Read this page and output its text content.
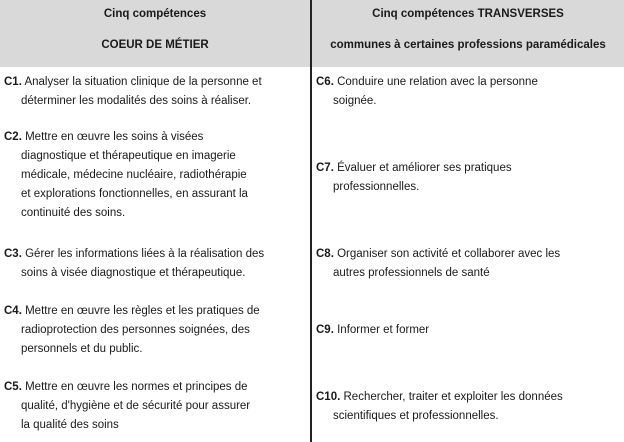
Cinq compétences
COEUR DE MÉTIER
Cinq compétences TRANSVERSES
communes à certaines professions paramédicales
C1. Analyser la situation clinique de la personne et
déterminer les modalités des soins à réaliser.
C2. Mettre en œuvre les soins à visées
diagnostique et thérapeutique en imagerie
médicale, médecine nucléaire, radiothérapie
et explorations fonctionnelles, en assurant la
continuité des soins.
C3. Gérer les informations liées à la réalisation des
soins à visée diagnostique et thérapeutique.
C4. Mettre en œuvre les règles et les pratiques de
radioprotection des personnes soignées, des
personnels et du public.
C5. Mettre en œuvre les normes et principes de
qualité, d'hygiène et de sécurité pour assurer
la qualité des soins
C6. Conduire une relation avec la personne
soignée.
C7. Évaluer et améliorer ses pratiques
professionnelles.
C8. Organiser son activité et collaborer avec les
autres professionnels de santé
C9. Informer et former
C10. Rechercher, traiter et exploiter les données
scientifiques et professionnelles.
